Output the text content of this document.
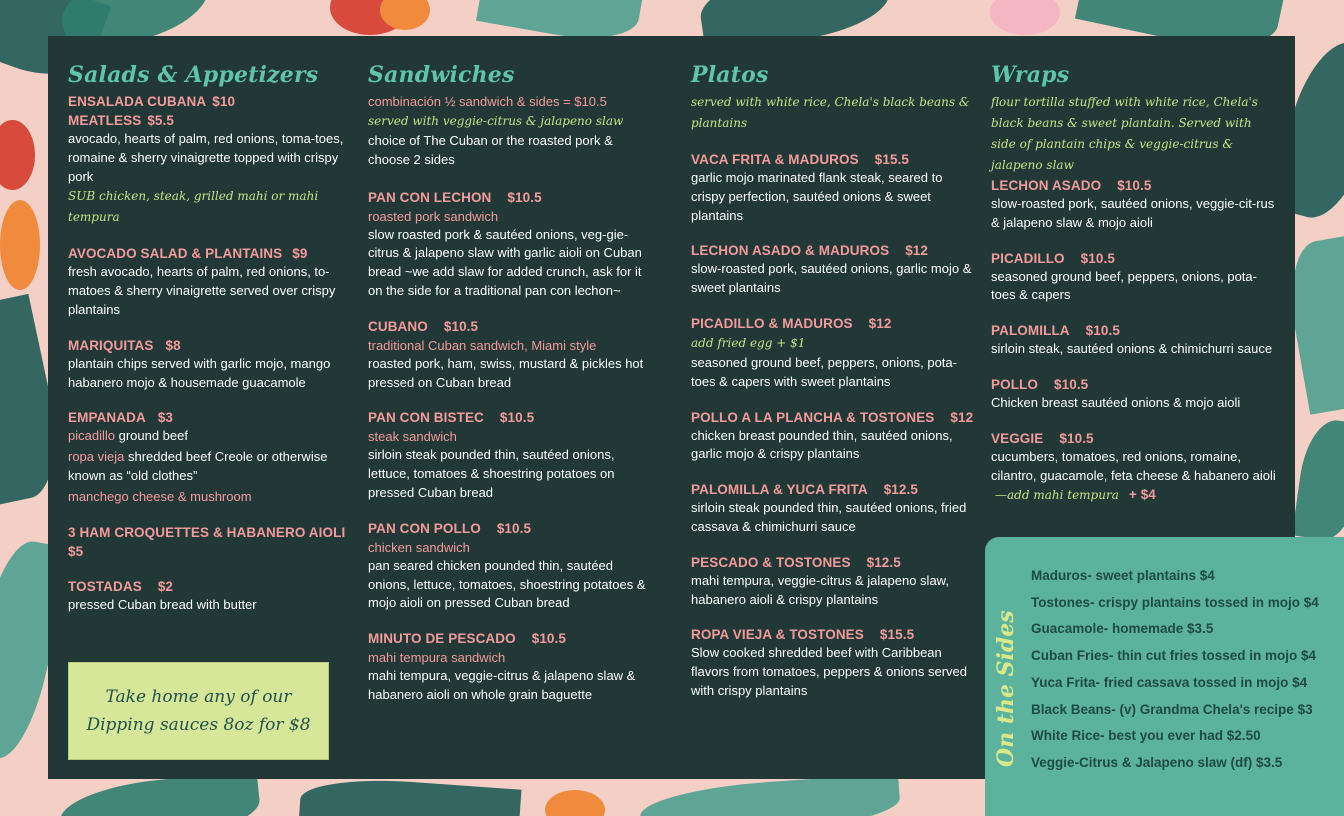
Salads & Appetizers
ENSALADA CUBANA $10
MEATLESS $5.5
avocado, hearts of palm, red onions, toma-toes, romaine & sherry vinaigrette topped with crispy pork
SUB chicken, steak, grilled mahi or mahi tempura
AVOCADO SALAD & PLANTAINS $9
fresh avocado, hearts of palm, red onions, to-matoes & sherry vinaigrette served over crispy plantains
MARIQUITAS $8
plantain chips served with garlic mojo, mango habanero mojo & housemade guacamole
EMPANADA $3
picadillo ground beef
ropa vieja shredded beef Creole or otherwise known as “old clothes”
manchego cheese & mushroom
3 HAM CROQUETTES & HABANERO AIOLI
$5
TOSTADAS $2
pressed Cuban bread with butter
Take home any of our
Dipping sauces 8oz for $8
Sandwiches
combinación ½ sandwich & sides = $10.5
served with veggie-citrus & jalapeno slaw
choice of The Cuban or the roasted pork & choose 2 sides
PAN CON LECHON $10.5
roasted pork sandwich
slow roasted pork & sautéed onions, veg-gie-citrus & jalapeno slaw with garlic aioli on Cuban bread ~we add slaw for added crunch, ask for it on the side for a traditional pan con lechon~
CUBANO $10.5
traditional Cuban sandwich, Miami style
roasted pork, ham, swiss, mustard & pickles hot pressed on Cuban bread
PAN CON BISTEC $10.5
steak sandwich
sirloin steak pounded thin, sautéed onions, lettuce, tomatoes & shoestring potatoes on pressed Cuban bread
PAN CON POLLO $10.5
chicken sandwich
pan seared chicken pounded thin, sautéed onions, lettuce, tomatoes, shoestring potatoes & mojo aioli on pressed Cuban bread
MINUTO DE PESCADO $10.5
mahi tempura sandwich
mahi tempura, veggie-citrus & jalapeno slaw & habanero aioli on whole grain baguette
Platos
served with white rice, Chela's black beans & plantains
VACA FRITA & MADUROS $15.5
garlic mojo marinated flank steak, seared to crispy perfection, sautéed onions & sweet plantains
LECHON ASADO & MADUROS $12
slow-roasted pork, sautéed onions, garlic mojo & sweet plantains
PICADILLO & MADUROS $12
add fried egg + $1
seasoned ground beef, peppers, onions, pota-toes & capers with sweet plantains
POLLO A LA PLANCHA & TOSTONES $12
chicken breast pounded thin, sautéed onions, garlic mojo & crispy plantains
PALOMILLA & YUCA FRITA $12.5
sirloin steak pounded thin, sautéed onions, fried cassava & chimichurri sauce
PESCADO & TOSTONES $12.5
mahi tempura, veggie-citrus & jalapeno slaw, habanero aioli & crispy plantains
ROPA VIEJA & TOSTONES $15.5
Slow cooked shredded beef with Caribbean flavors from tomatoes, peppers & onions served with crispy plantains
Wraps
flour tortilla stuffed with white rice, Chela's black beans & sweet plantain. Served with side of plantain chips & veggie-citrus & jalapeno slaw
LECHON ASADO $10.5
slow-roasted pork, sautéed onions, veggie-cit-rus & jalapeno slaw & mojo aioli
PICADILLO $10.5
seasoned ground beef, peppers, onions, pota-toes & capers
PALOMILLA $10.5
sirloin steak, sautéed onions & chimichurri sauce
POLLO $10.5
Chicken breast sautéed onions & mojo aioli
VEGGIE $10.5
cucumbers, tomatoes, red onions, romaine, cilantro, guacamole, feta cheese & habanero aioli—add mahi tempura + $4
On the Sides
Maduros- sweet plantains $4
Tostones- crispy plantains tossed in mojo $4
Guacamole- homemade $3.5
Cuban Fries- thin cut fries tossed in mojo $4
Yuca Frita- fried cassava tossed in mojo $4
Black Beans- (v) Grandma Chela's recipe $3
White Rice- best you ever had $2.50
Veggie-Citrus & Jalapeno slaw (df) $3.5
